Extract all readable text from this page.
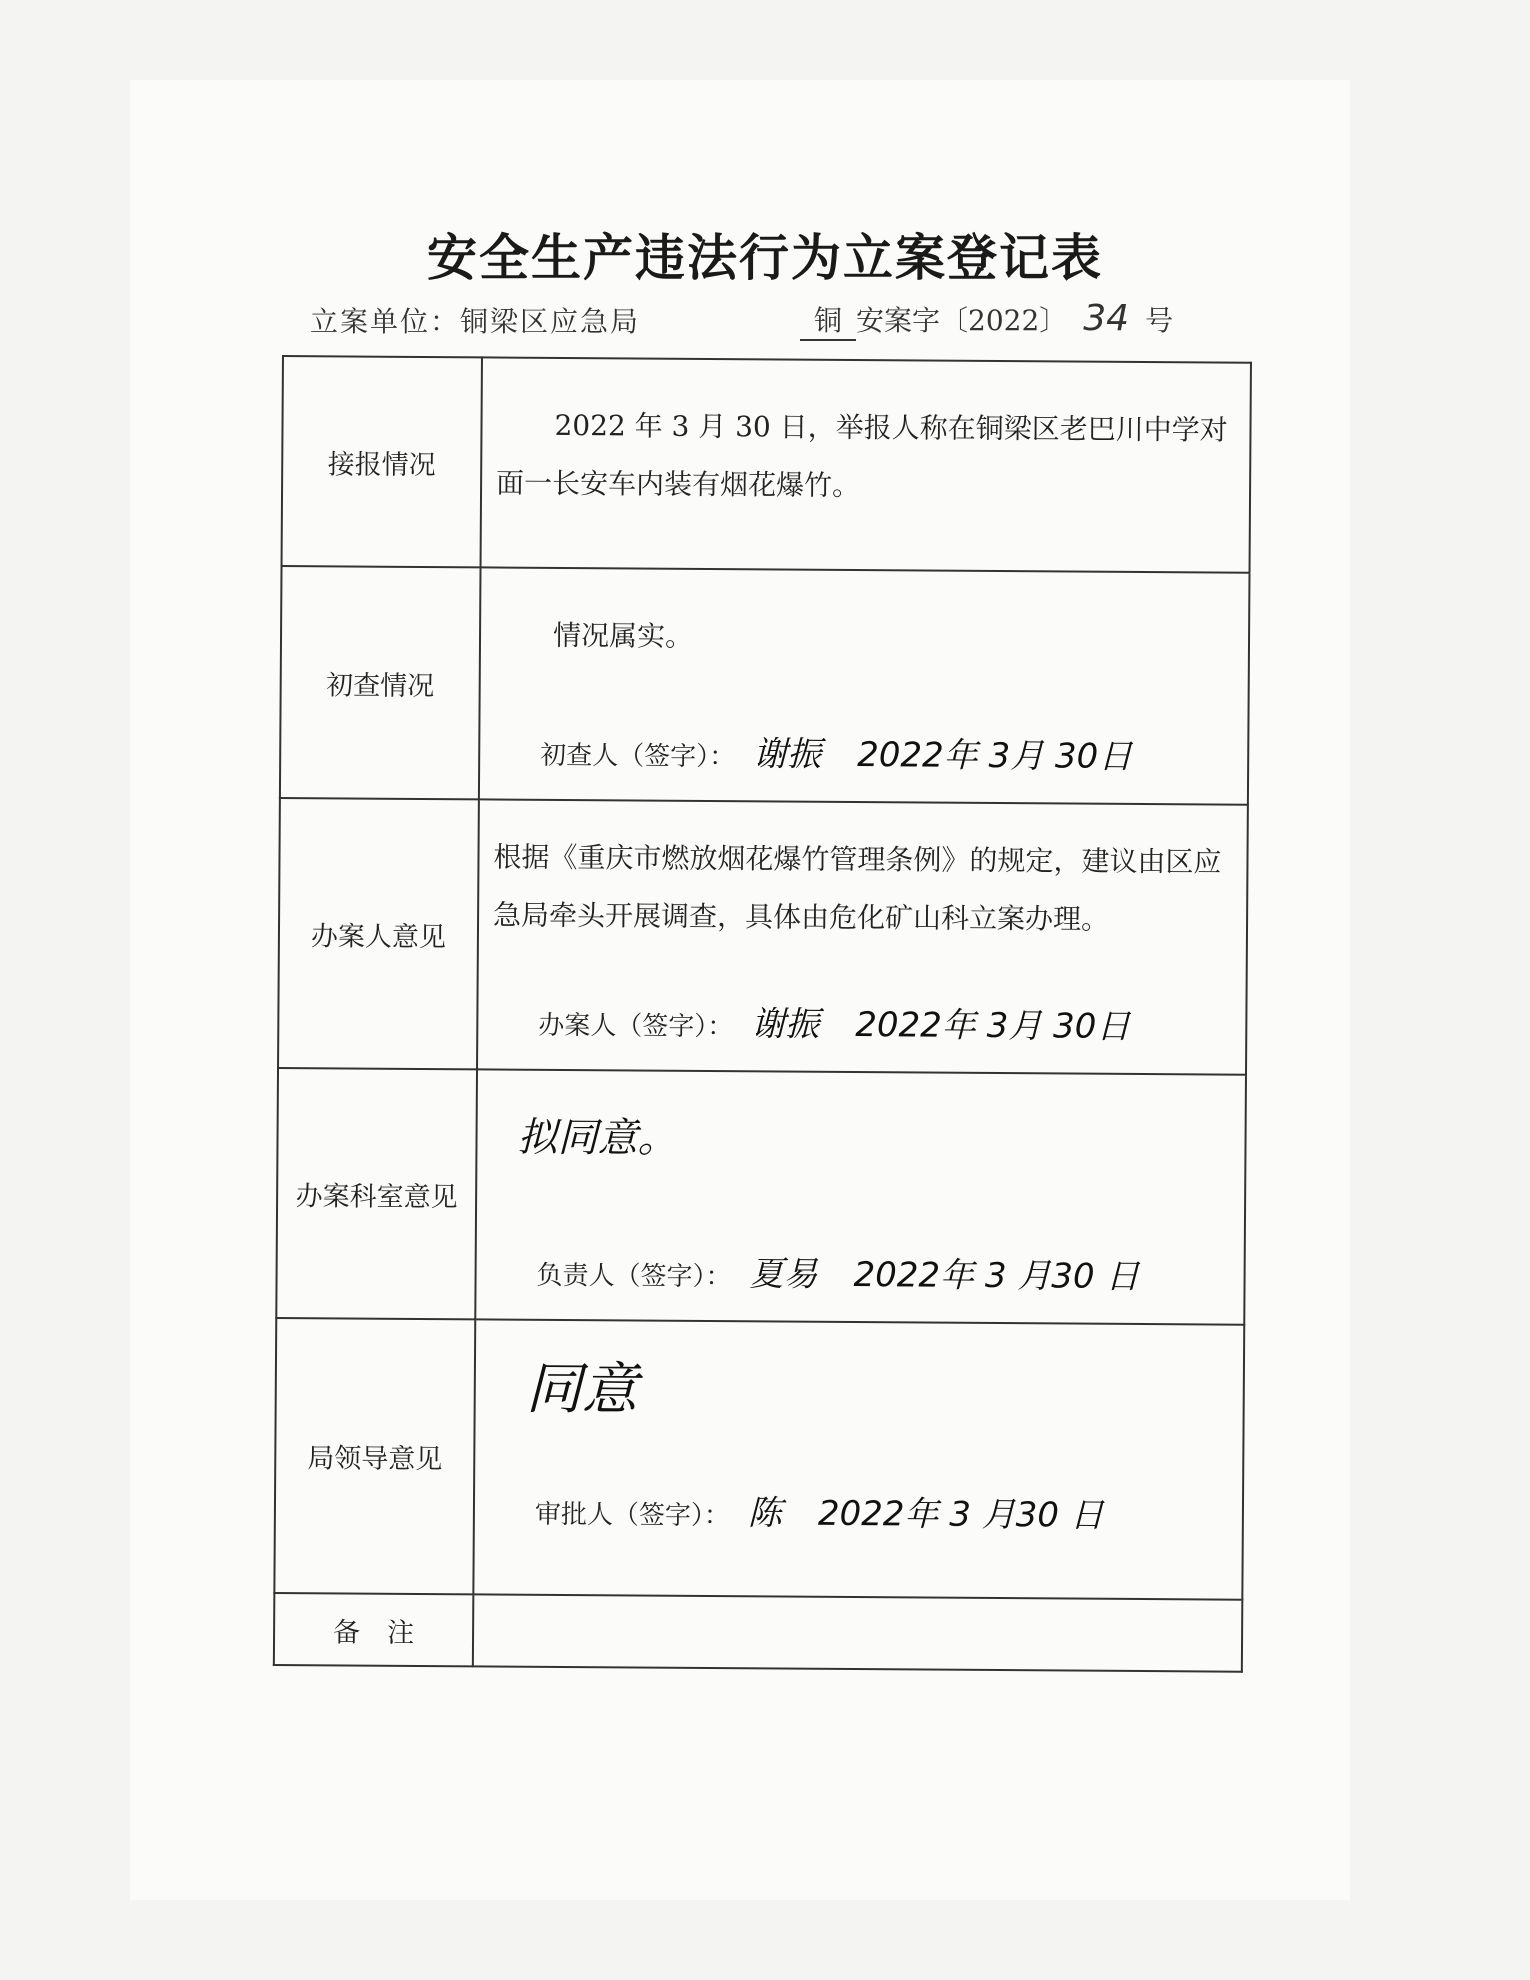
安全生产违法行为立案登记表
立案单位：铜梁区应急局	铜 安案字〔2022〕 34 号
接报情况	2022 年 3 月 30 日，举报人称在铜梁区老巴川中学对面一长安车内装有烟花爆竹。

初查情况	情况属实。

初查人（签字）： 谢振 2022年 3月 30日

办案人意见	根据《重庆市燃放烟花爆竹管理条例》的规定，建议由区应急局牵头开展调查，具体由危化矿山科立案办理。

办案人（签字）： 谢振 2022年 3月 30日

办案科室意见	拟同意。
负责人（签字）： 夏易 2022年 3 月30 日

局领导意见	同意
审批人（签字）： 陈 2022年 3 月30 日

备　注	
